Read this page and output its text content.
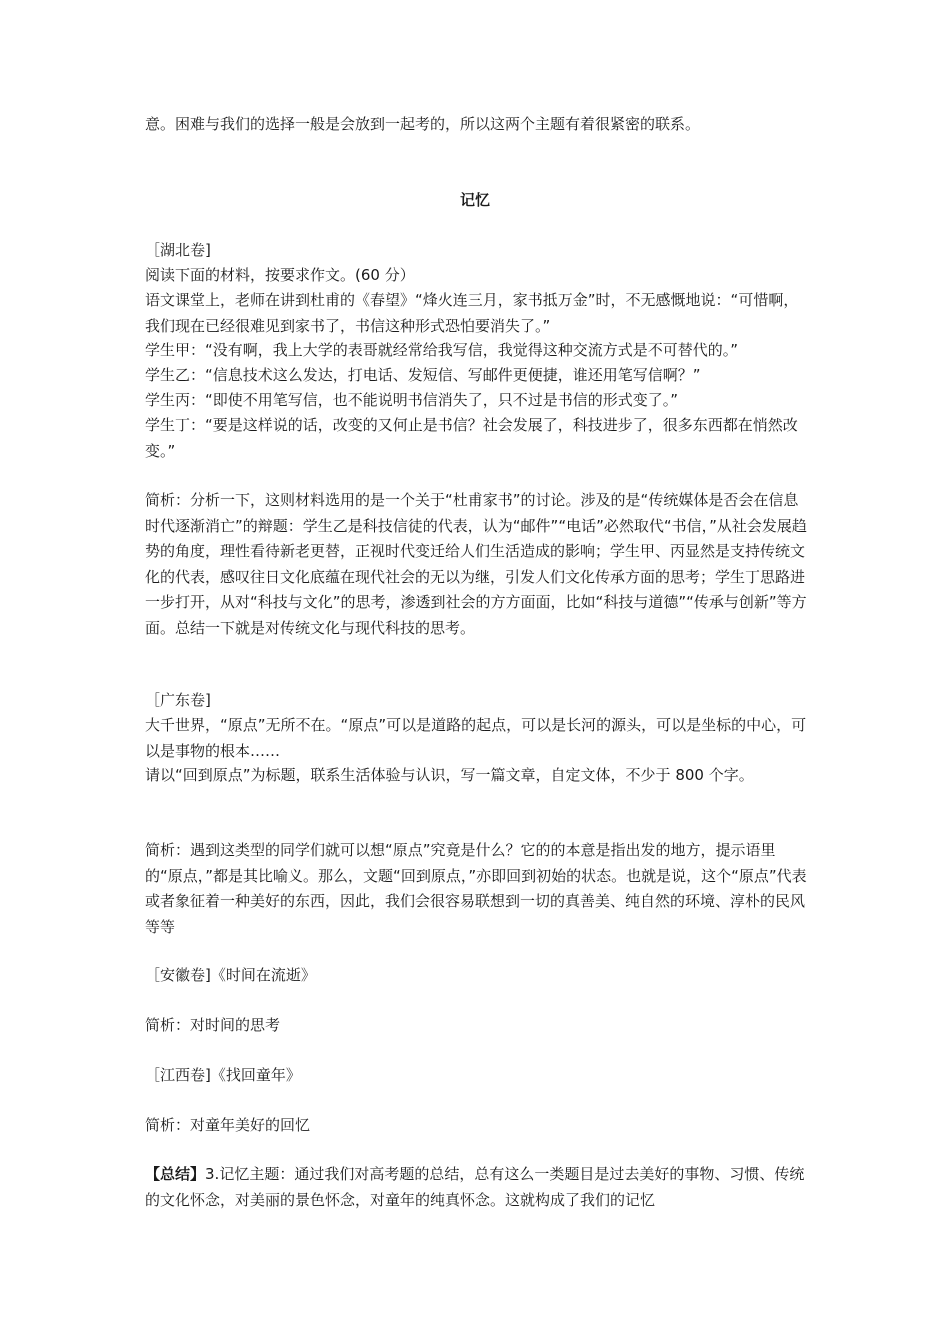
意。困难与我们的选择一般是会放到一起考的，所以这两个主题有着很紧密的联系。

记忆

［湖北卷]

阅读下面的材料，按要求作文。(60 分）

语文课堂上，老师在讲到杜甫的《春望》“烽火连三月，家书抵万金”时，不无感慨地说：“可惜啊，我们现在已经很难见到家书了，书信这种形式恐怕要消失了。”

学生甲：“没有啊，我上大学的表哥就经常给我写信，我觉得这种交流方式是不可替代的。”

学生乙：“信息技术这么发达，打电话、发短信、写邮件更便捷，谁还用笔写信啊？”

学生丙：“即使不用笔写信，也不能说明书信消失了，只不过是书信的形式变了。”

学生丁：“要是这样说的话，改变的又何止是书信？社会发展了，科技进步了，很多东西都在悄然改变。”

简析：分析一下，这则材料选用的是一个关于“杜甫家书”的讨论。涉及的是“传统媒体是否会在信息时代逐渐消亡”的辩题：学生乙是科技信徒的代表，认为“邮件”“电话”必然取代“书信，”从社会发展趋势的角度，理性看待新老更替，正视时代变迁给人们生活造成的影响；学生甲、丙显然是支持传统文化的代表，感叹往日文化底蕴在现代社会的无以为继，引发人们文化传承方面的思考；学生丁思路进一步打开，从对“科技与文化”的思考，渗透到社会的方方面面，比如“科技与道德”“传承与创新”等方面。总结一下就是对传统文化与现代科技的思考。

［广东卷]

大千世界，“原点”无所不在。“原点”可以是道路的起点，可以是长河的源头，可以是坐标的中心，可以是事物的根本……

请以“回到原点”为标题，联系生活体验与认识，写一篇文章，自定文体，不少于 800 个字。

简析：遇到这类型的同学们就可以想“原点”究竟是什么？它的的本意是指出发的地方，提示语里的“原点，”都是其比喻义。那么，文题“回到原点，”亦即回到初始的状态。也就是说，这个“原点”代表或者象征着一种美好的东西，因此，我们会很容易联想到一切的真善美、纯自然的环境、淳朴的民风等等

［安徽卷]《时间在流逝》

简析：对时间的思考

［江西卷]《找回童年》

简析：对童年美好的回忆

【总结】3.记忆主题：通过我们对高考题的总结，总有这么一类题目是过去美好的事物、习惯、传统的文化怀念，对美丽的景色怀念，对童年的纯真怀念。这就构成了我们的记忆
